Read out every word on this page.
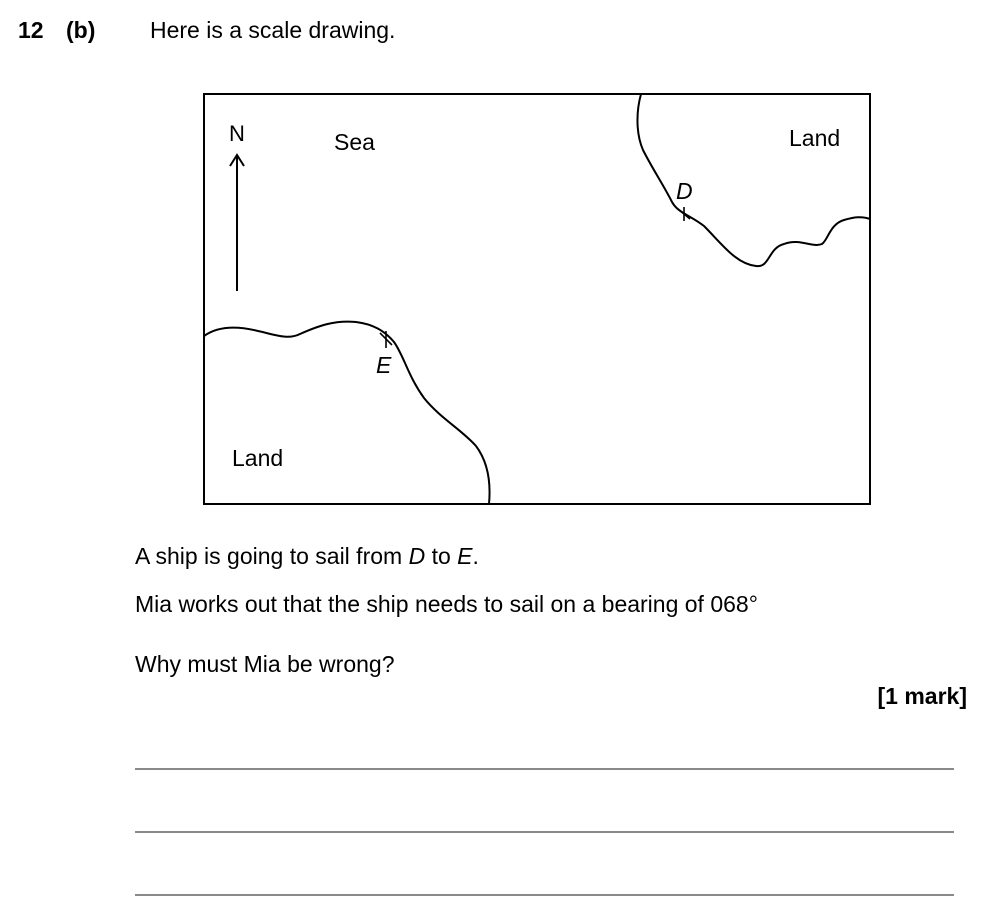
12 (b) Here is a scale drawing.
N	Sea	Land
Land
D
E
A ship is going to sail from D to E.
Mia works out that the ship needs to sail on a bearing of 068°
Why must Mia be wrong?
[1 mark]
